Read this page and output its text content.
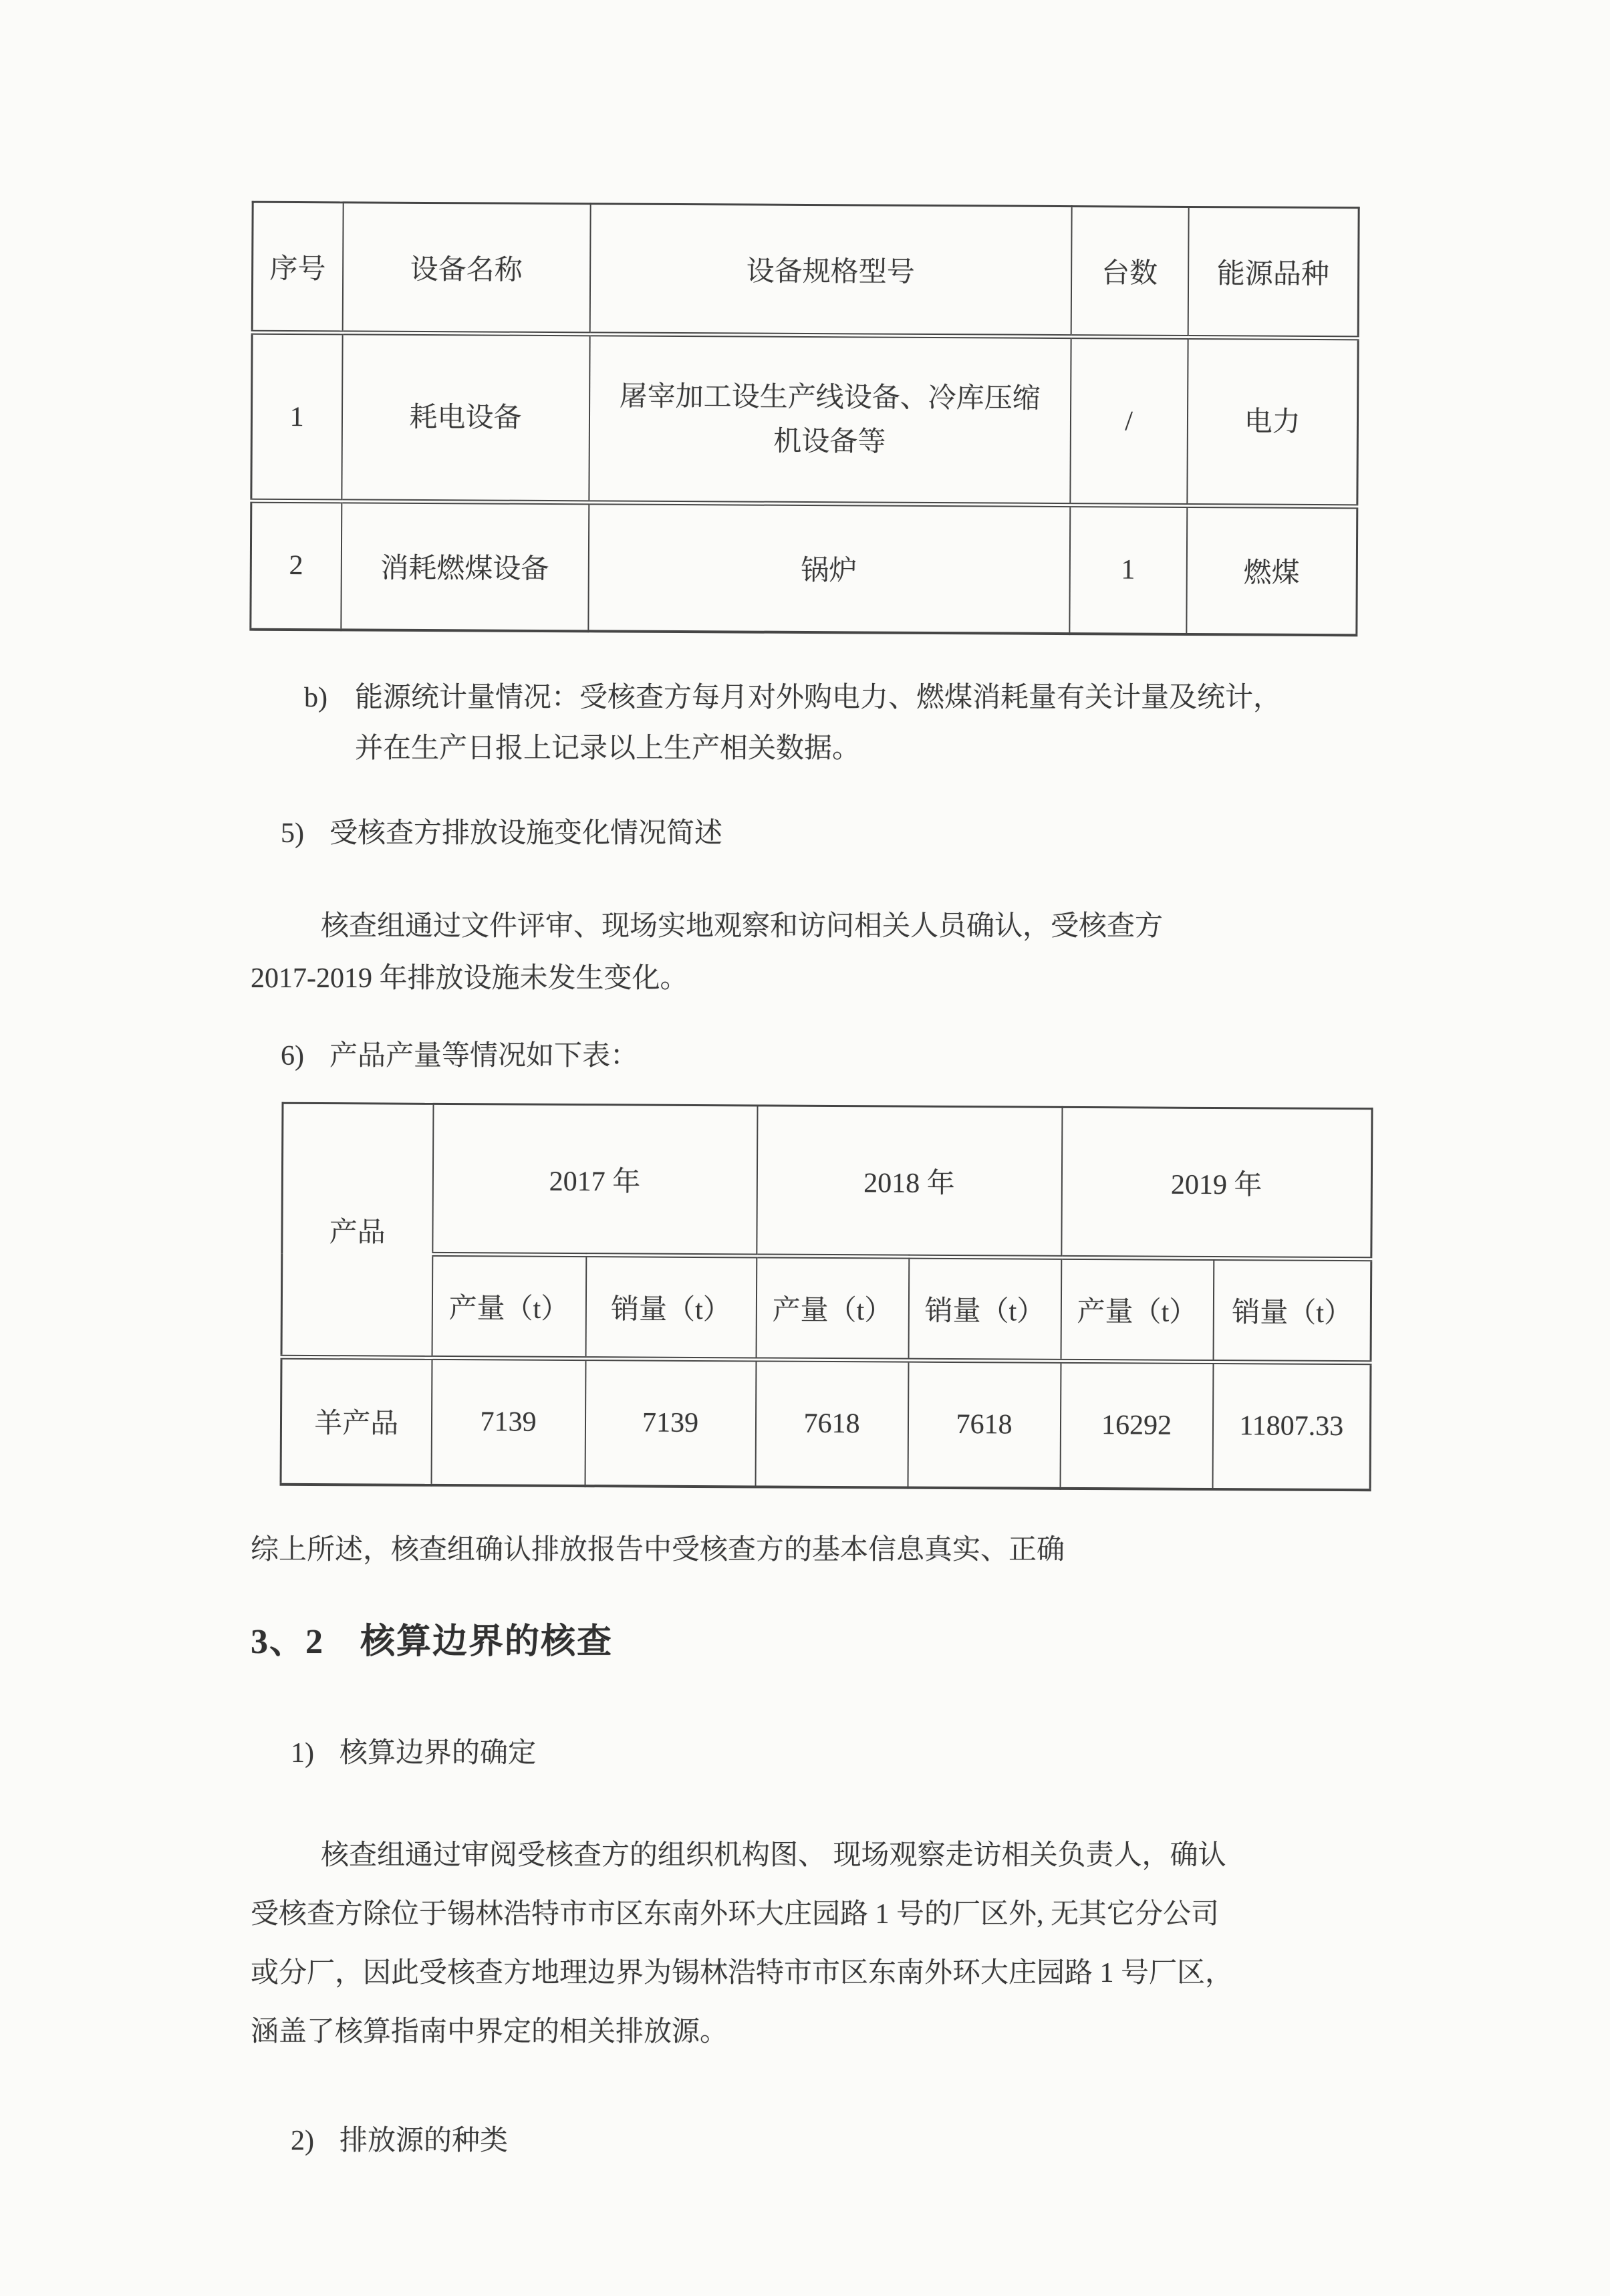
序号	设备名称	设备规格型号	台数	能源品种
1	耗电设备	屠宰加工设生产线设备、冷库压缩机设备等	/	电力
2	消耗燃煤设备	锅炉	1	燃煤
b) 能源统计量情况：受核查方每月对外购电力、燃煤消耗量有关计量及统计，
并在生产日报上记录以上生产相关数据。
5) 受核查方排放设施变化情况简述
核查组通过文件评审、现场实地观察和访问相关人员确认，受核查方
2017-2019 年排放设施未发生变化。
6) 产品产量等情况如下表：
产品	2017 年		2018 年		2019 年	
	产量（t）	销量（t）	产量（t）	销量（t）	产量（t）	销量（t）
羊产品	7139	7139	7618	7618	16292	11807.33
综上所述，核查组确认排放报告中受核查方的基本信息真实、正确
3、2　核算边界的核查
1) 核算边界的确定
核查组通过审阅受核查方的组织机构图、 现场观察走访相关负责人，确认
受核查方除位于锡林浩特市市区东南外环大庄园路 1 号的厂区外, 无其它分公司
或分厂，因此受核查方地理边界为锡林浩特市市区东南外环大庄园路 1 号厂区，
涵盖了核算指南中界定的相关排放源。
2) 排放源的种类
